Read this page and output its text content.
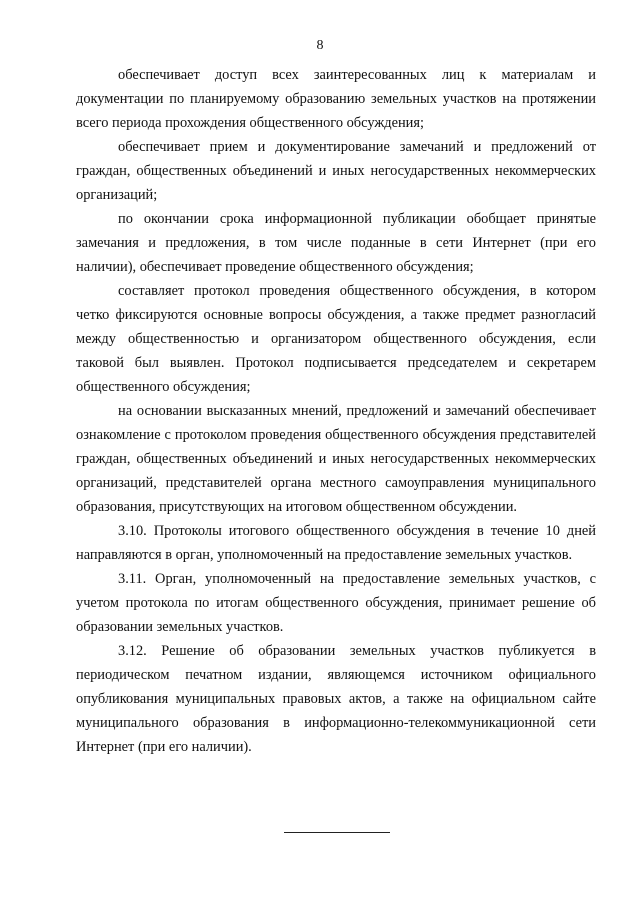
8

обеспечивает доступ всех заинтересованных лиц к материалам и документации по планируемому образованию земельных участков на протяжении всего периода прохождения общественного обсуждения;

обеспечивает прием и документирование замечаний и предложений от граждан, общественных объединений и иных негосударственных некоммерческих организаций;

по окончании срока информационной публикации обобщает принятые замечания и предложения, в том числе поданные в сети Интернет (при его наличии), обеспечивает проведение общественного обсуждения;

составляет протокол проведения общественного обсуждения, в котором четко фиксируются основные вопросы обсуждения, а также предмет разногласий между общественностью и организатором общественного обсуждения, если таковой был выявлен. Протокол подписывается председателем и секретарем общественного обсуждения;

на основании высказанных мнений, предложений и замечаний обеспечивает ознакомление с протоколом проведения общественного обсуждения представителей граждан, общественных объединений и иных негосударственных некоммерческих организаций, представителей органа местного самоуправления муниципального образования, присутствующих на итоговом общественном обсуждении.

3.10. Протоколы итогового общественного обсуждения в течение 10 дней направляются в орган, уполномоченный на предоставление земельных участков.

3.11. Орган, уполномоченный на предоставление земельных участков, с учетом протокола по итогам общественного обсуждения, принимает решение об образовании земельных участков.

3.12. Решение об образовании земельных участков публикуется в периодическом печатном издании, являющемся источником официального опубликования муниципальных правовых актов, а также на официальном сайте муниципального образования в информационно-телекоммуникационной сети Интернет (при его наличии).
